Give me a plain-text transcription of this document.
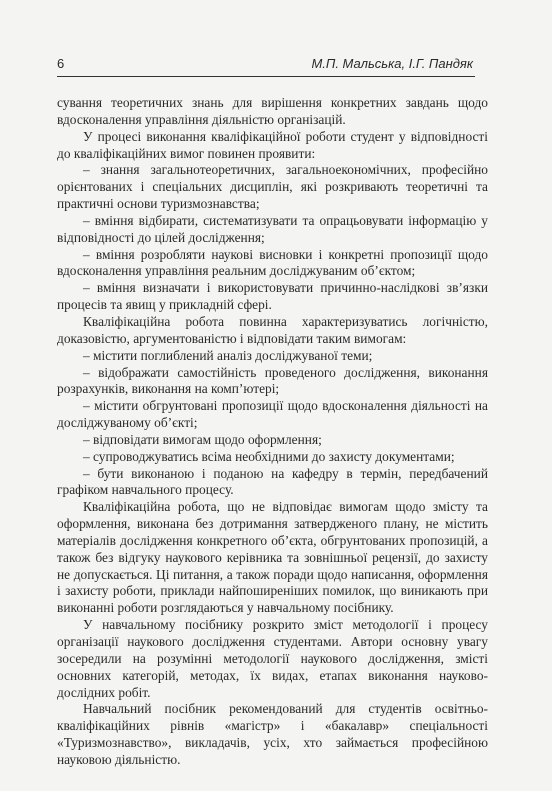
6	М.П. Мальська, І.Г. Пандяк

сування теоретичних знань для вирішення конкретних завдань щодо вдосконалення управління діяльністю організацій.

У процесі виконання кваліфікаційної роботи студент у відповідності до кваліфікаційних вимог повинен проявити:

– знання загальнотеоретичних, загальноекономічних, професійно орієнтованих і спеціальних дисциплін, які розкривають теоретичні та практичні основи туризмознавства;

– вміння відбирати, систематизувати та опрацьовувати інформацію у відповідності до цілей дослідження;

– вміння розробляти наукові висновки і конкретні пропозиції щодо вдосконалення управління реальним досліджуваним об’єктом;

– вміння визначати і використовувати причинно-наслідкові зв’язки процесів та явищ у прикладній сфері.

Кваліфікаційна робота повинна характеризуватись логічністю, доказовістю, аргументованістю і відповідати таким вимогам:

– містити поглиблений аналіз досліджуваної теми;

– відображати самостійність проведеного дослідження, виконання розрахунків, виконання на комп’ютері;

– містити обгрунтовані пропозиції щодо вдосконалення діяльності на досліджуваному об’єкті;

– відповідати вимогам щодо оформлення;

– супроводжуватись всіма необхідними до захисту документами;

– бути виконаною і поданою на кафедру в термін, передбачений графіком навчального процесу.

Кваліфікаційна робота, що не відповідає вимогам щодо змісту та оформлення, виконана без дотримання затвердженого плану, не містить матеріалів дослідження конкретного об’єкта, обгрунтованих пропозицій, а також без відгуку наукового керівника та зовнішньої рецензії, до захисту не допускається. Ці питання, а також поради щодо написання, оформлення і захисту роботи, приклади найпоширеніших помилок, що виникають при виконанні роботи розглядаються у навчальному посібнику.

У навчальному посібнику розкрито зміст методології і процесу організації наукового дослідження студентами. Автори основну увагу зосередили на розумінні методології наукового дослідження, змісті основних категорій, методах, їх видах, етапах виконання науково-дослідних робіт.

Навчальний посібник рекомендований для студентів освітньо-кваліфікаційних рівнів «магістр» і «бакалавр» спеціальності «Туризмознавство», викладачів, усіх, хто займається професійною науковою діяльністю.
